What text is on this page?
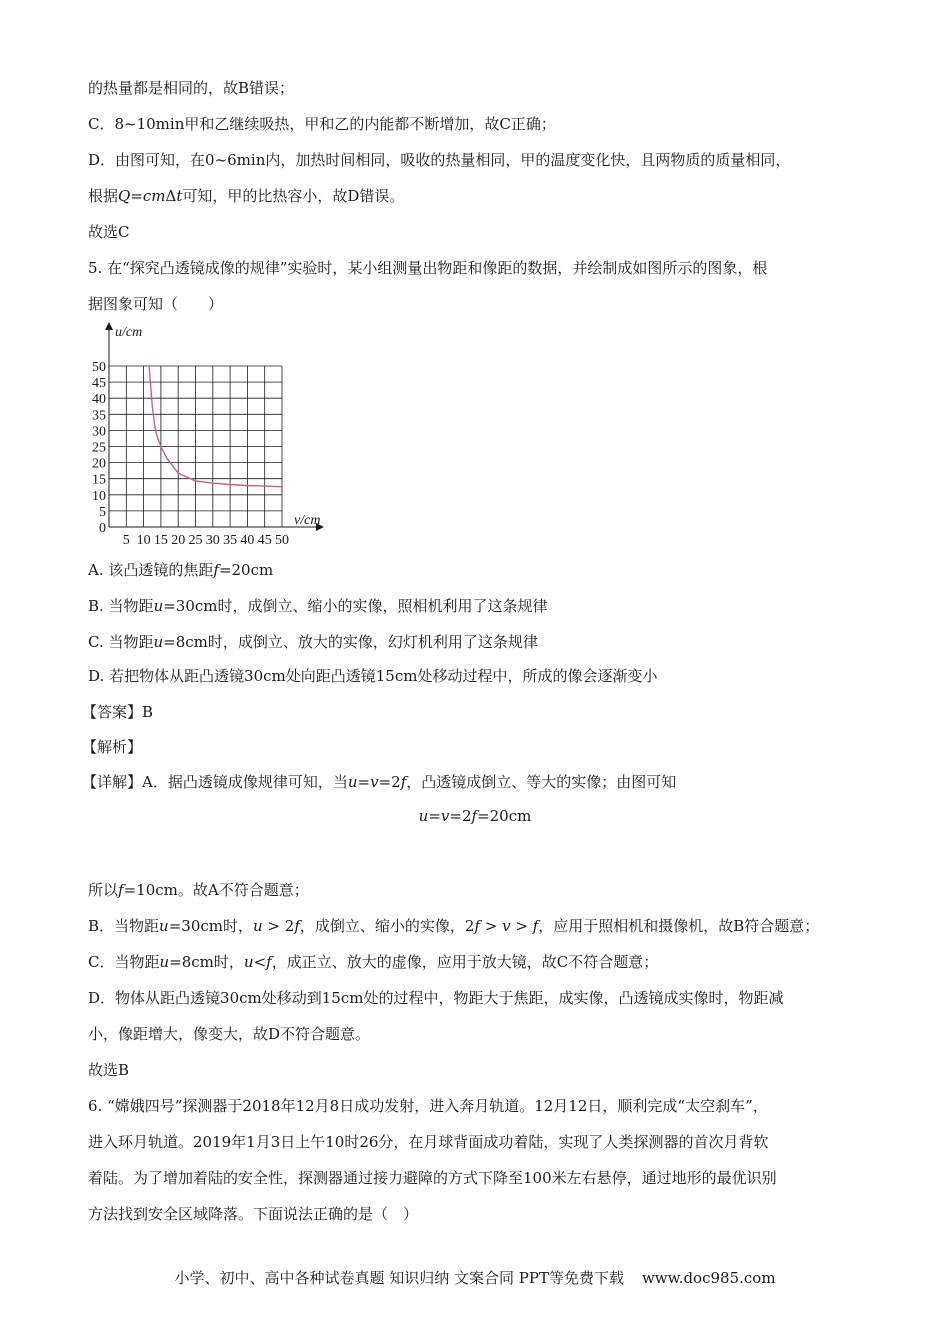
的热量都是相同的，故B错误；
C．8~10min甲和乙继续吸热，甲和乙的内能都不断增加，故C正确；
D．由图可知，在0~6min内，加热时间相同，吸收的热量相同，甲的温度变化快，且两物质的质量相同，
根据Q=cmΔt可知，甲的比热容小，故D错误。
故选C
5. 在“探究凸透镜成像的规律”实验时，某小组测量出物距和像距的数据，并绘制成如图所示的图象，根
据图象可知（　　）
u/cm
v/cm
0
5
10
15
20
25
30
35
40
45
50
5 10 15 20 25 30 35 40 45 50
A. 该凸透镜的焦距f=20cm
B. 当物距u=30cm时，成倒立、缩小的实像，照相机利用了这条规律
C. 当物距u=8cm时，成倒立、放大的实像，幻灯机利用了这条规律
D. 若把物体从距凸透镜30cm处向距凸透镜15cm处移动过程中，所成的像会逐渐变小
【答案】B
【解析】
【详解】A．据凸透镜成像规律可知，当u=v=2f，凸透镜成倒立、等大的实像；由图可知
u=v=2f=20cm
所以f=10cm。故A不符合题意；
B．当物距u=30cm时，u > 2f，成倒立、缩小的实像，2f > v > f，应用于照相机和摄像机，故B符合题意；
C．当物距u=8cm时，u<f，成正立、放大的虚像，应用于放大镜，故C不符合题意；
D．物体从距凸透镜30cm处移动到15cm处的过程中，物距大于焦距，成实像，凸透镜成实像时，物距减
小，像距增大，像变大，故D不符合题意。
故选B
6. “嫦娥四号”探测器于2018年12月8日成功发射，进入奔月轨道。12月12日，顺利完成“太空刹车”，
进入环月轨道。2019年1月3日上午10时26分，在月球背面成功着陆，实现了人类探测器的首次月背软
着陆。为了增加着陆的安全性，探测器通过接力避障的方式下降至100米左右悬停，通过地形的最优识别
方法找到安全区域降落。下面说法正确的是（　）
小学、初中、高中各种试卷真题 知识归纳 文案合同 PPT等免费下载 www.doc985.com
